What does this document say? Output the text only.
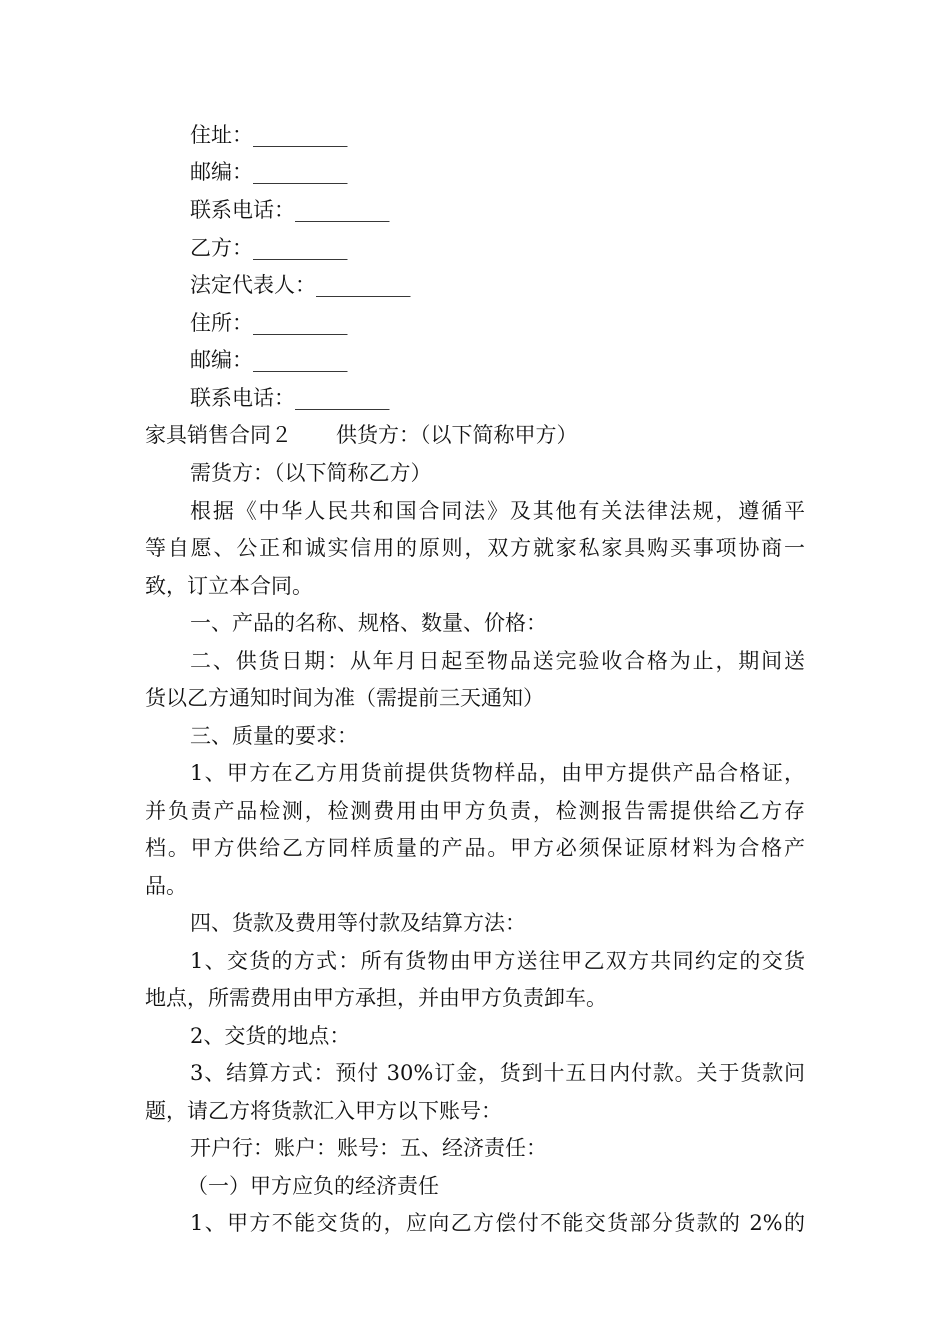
住址：_________
邮编：_________
联系电话：_________
乙方：_________
法定代表人：_________
住所：_________
邮编：_________
联系电话：_________
家具销售合同２ 供货方：（以下简称甲方）
需货方：（以下简称乙方）
根据《中华人民共和国合同法》及其他有关法律法规，遵循平
等自愿、公正和诚实信用的原则，双方就家私家具购买事项协商一
致，订立本合同。
一、产品的名称、规格、数量、价格：
二、供货日期：从年月日起至物品送完验收合格为止，期间送
货以乙方通知时间为准（需提前三天通知）
三、质量的要求：
1、甲方在乙方用货前提供货物样品，由甲方提供产品合格证，
并负责产品检测，检测费用由甲方负责，检测报告需提供给乙方存
档。甲方供给乙方同样质量的产品。甲方必须保证原材料为合格产
品。
四、货款及费用等付款及结算方法：
1、交货的方式：所有货物由甲方送往甲乙双方共同约定的交货
地点，所需费用由甲方承担，并由甲方负责卸车。
2、交货的地点：
3、结算方式：预付 30%订金，货到十五日内付款。关于货款问
题，请乙方将货款汇入甲方以下账号：
开户行：账户：账号：五、经济责任：
（一）甲方应负的经济责任
1、甲方不能交货的，应向乙方偿付不能交货部分货款的 2%的
